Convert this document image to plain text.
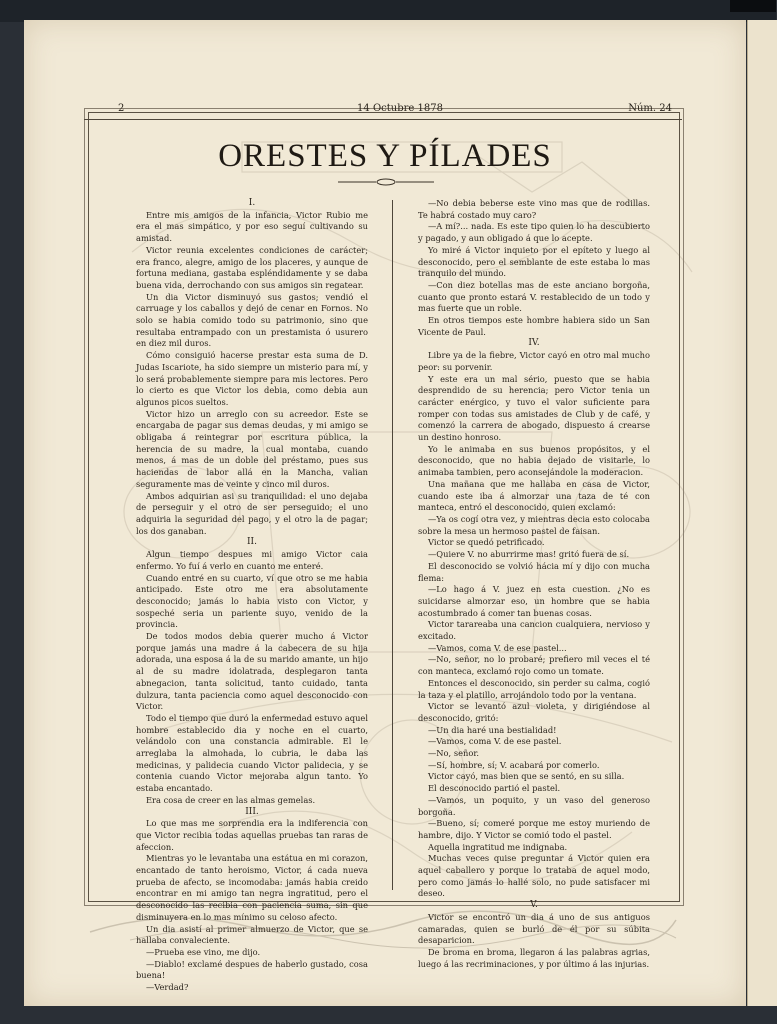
2	14 Octubre 1878	Núm. 24
ORESTES Y PÍLADES

I.

Entre mis amigos de la infancia, Victor Rubio me era el mas simpático, y por eso seguí cultivando su amistad.

Victor reunia excelentes condiciones de carácter; era franco, alegre, amigo de los placeres, y aunque de fortuna mediana, gastaba espléndidamente y se daba buena vida, derrochando con sus amigos sin regatear.

Un dia Victor disminuyó sus gastos; vendió el carruage y los caballos y dejó de cenar en Fornos. No solo se habia comido todo su patrimonio, sino que resultaba entrampado con un prestamista ó usurero en diez mil duros.

Cómo consiguió hacerse prestar esta suma de D. Judas Iscariote, ha sido siempre un misterio para mí, y lo será probablemente siempre para mis lectores. Pero lo cierto es que Victor los debia, como debia aun algunos picos sueltos.

Victor hizo un arreglo con su acreedor. Este se encargaba de pagar sus demas deudas, y mi amigo se obligaba á reintegrar por escritura pública, la herencia de su madre, la cual montaba, cuando menos, á mas de un doble del préstamo, pues sus haciendas de labor allá en la Mancha, valian seguramente mas de veinte y cinco mil duros.

Ambos adquirian asi su tranquilidad: el uno dejaba de perseguir y el otro de ser perseguido; el uno adquiria la seguridad del pago, y el otro la de pagar; los dos ganaban.

II.

Algun tiempo despues mi amigo Victor caia enfermo. Yo fuí á verlo en cuanto me enteré.

Cuando entré en su cuarto, ví que otro se me habia anticipado. Este otro me era absolutamente desconocido; jamás lo habia visto con Victor, y sospeché seria un pariente suyo, venido de la provincia.

De todos modos debia querer mucho á Victor porque jamás una madre á la cabecera de su hija adorada, una esposa á la de su marido amante, un hijo al de su madre idolatrada, desplegaron tanta abnegacion, tanta solicitud, tanto cuidado, tanta dulzura, tanta paciencia como aquel desconocido con Victor.

Todo el tiempo que duró la enfermedad estuvo aquel hombre establecido dia y noche en el cuarto, velándolo con una constancia admirable. El le arreglaba la almohada, lo cubria, le daba las medicinas, y palidecia cuando Victor palidecia, y se contenia cuando Victor mejoraba algun tanto. Yo estaba encantado.

Era cosa de creer en las almas gemelas.

III.

Lo que mas me sorprendia era la indiferencia con que Victor recibia todas aquellas pruebas tan raras de afeccion.

Mientras yo le levantaba una estátua en mi corazon, encantado de tanto heroismo, Victor, á cada nueva prueba de afecto, se incomodaba: jamás habia creido encontrar en mi amigo tan negra ingratitud, pero el desconocido las recibia con paciencia suma, sin que disminuyera en lo mas mínimo su celoso afecto.

Un dia asistí al primer almuerzo de Victor, que se hallaba convaleciente.

—Prueba ese vino, me dijo.

—Diablo! exclamé despues de haberlo gustado, cosa buena!

—Verdad?

—No debia beberse este vino mas que de rodillas. Te habrá costado muy caro?

—A mí?... nada. Es este tipo quien lo ha descubierto y pagado, y aun obligado á que lo acepte.

Yo miré á Victor inquieto por el epíteto y luego al desconocido, pero el semblante de este estaba lo mas tranquilo del mundo.

—Con diez botellas mas de este anciano borgoña, cuanto que pronto estará V. restablecido de un todo y mas fuerte que un roble.

En otros tiempos este hombre habiera sido un San Vicente de Paul.

IV.

Libre ya de la fiebre, Victor cayó en otro mal mucho peor: su porvenir.

Y este era un mal sério, puesto que se habia desprendido de su herencia; pero Victor tenia un carácter enérgico, y tuvo el valor suficiente para romper con todas sus amistades de Club y de café, y comenzó la carrera de abogado, dispuesto á crearse un destino honroso.

Yo le animaba en sus buenos propósitos, y el desconocido, que no habia dejado de visitarle, lo animaba tambien, pero aconsejándole la moderacion.

Una mañana que me hallaba en casa de Victor, cuando este iba á almorzar una taza de té con manteca, entró el desconocido, quien exclamó:

—Ya os cogí otra vez, y mientras decia esto colocaba sobre la mesa un hermoso pastel de faisan.

Victor se quedó petrificado.

—Quiere V. no aburrirme mas! gritó fuera de sí.

El desconocido se volvió hácia mí y dijo con mucha flema:

—Lo hago á V. juez en esta cuestion. ¿No es suicidarse almorzar eso, un hombre que se habia acostumbrado á comer tan buenas cosas.

Victor tarareaba una cancion cualquiera, nervioso y excitado.

—Vamos, coma V. de ese pastel...

—No, señor, no lo probaré; prefiero mil veces el té con manteca, exclamó rojo como un tomate.

Entonces el desconocido, sin perder su calma, cogió la taza y el platillo, arrojándolo todo por la ventana.

Victor se levantó azul violeta, y dirigiéndose al desconocido, gritó:

—Un dia haré una bestialidad!

—Vamos, coma V. de ese pastel.

—No, señor.

—Sí, hombre, sí; V. acabará por comerlo.

Victor cayó, mas bien que se sentó, en su silla.

El desconocido partió el pastel.

—Vamos, un poquito, y un vaso del generoso borgoña.

—Bueno, sí; comeré porque me estoy muriendo de hambre, dijo. Y Victor se comió todo el pastel.

Aquella ingratitud me indignaba.

Muchas veces quise preguntar á Victor quien era aquel caballero y porque lo trataba de aquel modo, pero como jamás lo hallé solo, no pude satisfacer mi deseo.

V.

Victor se encontró un dia á uno de sus antiguos camaradas, quien se burló de él por su súbita desaparicion.

De broma en broma, llegaron á las palabras agrias, luego á las recriminaciones, y por último á las injurias.
